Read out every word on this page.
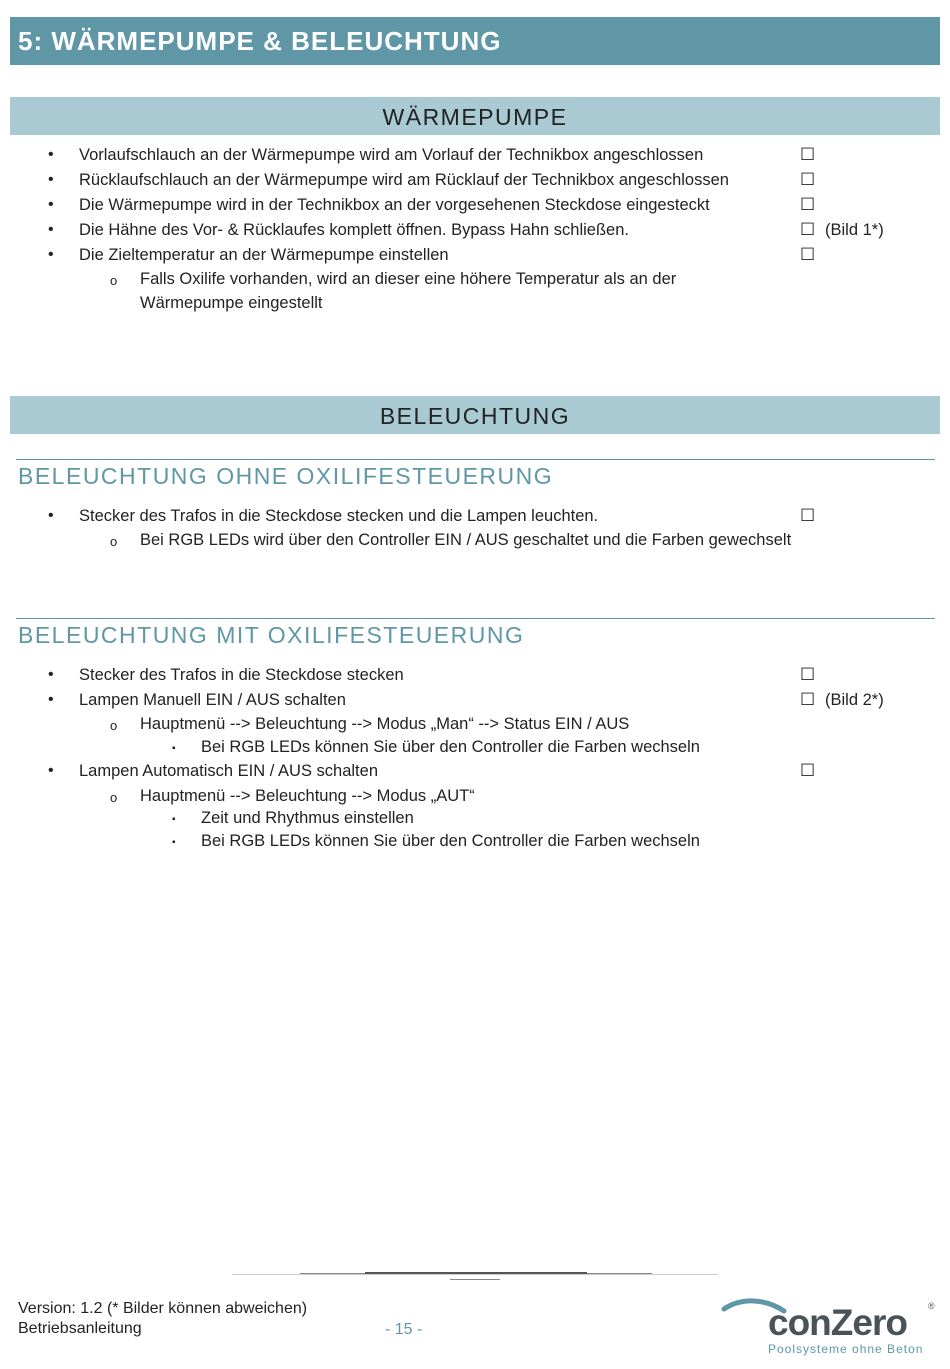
5: WÄRMEPUMPE & BELEUCHTUNG
WÄRMEPUMPE
• Vorlaufschlauch an der Wärmepumpe wird am Vorlauf der Technikbox angeschlossen	☐
• Rücklaufschlauch an der Wärmepumpe wird am Rücklauf der Technikbox angeschlossen	☐
• Die Wärmepumpe wird in der Technikbox an der vorgesehenen Steckdose eingesteckt	☐
• Die Hähne des Vor- & Rücklaufes komplett öffnen. Bypass Hahn schließen.	☐ (Bild 1*)
• Die Zieltemperatur an der Wärmepumpe einstellen	☐
o Falls Oxilife vorhanden, wird an dieser eine höhere Temperatur als an der
Wärmepumpe eingestellt
BELEUCHTUNG
BELEUCHTUNG OHNE OXILIFESTEUERUNG
• Stecker des Trafos in die Steckdose stecken und die Lampen leuchten.	☐
o Bei RGB LEDs wird über den Controller EIN / AUS geschaltet und die Farben gewechselt
BELEUCHTUNG MIT OXILIFESTEUERUNG
• Stecker des Trafos in die Steckdose stecken	☐
• Lampen Manuell EIN / AUS schalten	☐ (Bild 2*)
o Hauptmenü --> Beleuchtung --> Modus „Man“ --> Status EIN / AUS
▪ Bei RGB LEDs können Sie über den Controller die Farben wechseln
• Lampen Automatisch EIN / AUS schalten	☐
o Hauptmenü --> Beleuchtung --> Modus „AUT“
▪ Zeit und Rhythmus einstellen
▪ Bei RGB LEDs können Sie über den Controller die Farben wechseln
Version: 1.2 (* Bilder können abweichen)
Betriebsanleitung	- 15 -	conZero ®
Poolsysteme ohne Beton
